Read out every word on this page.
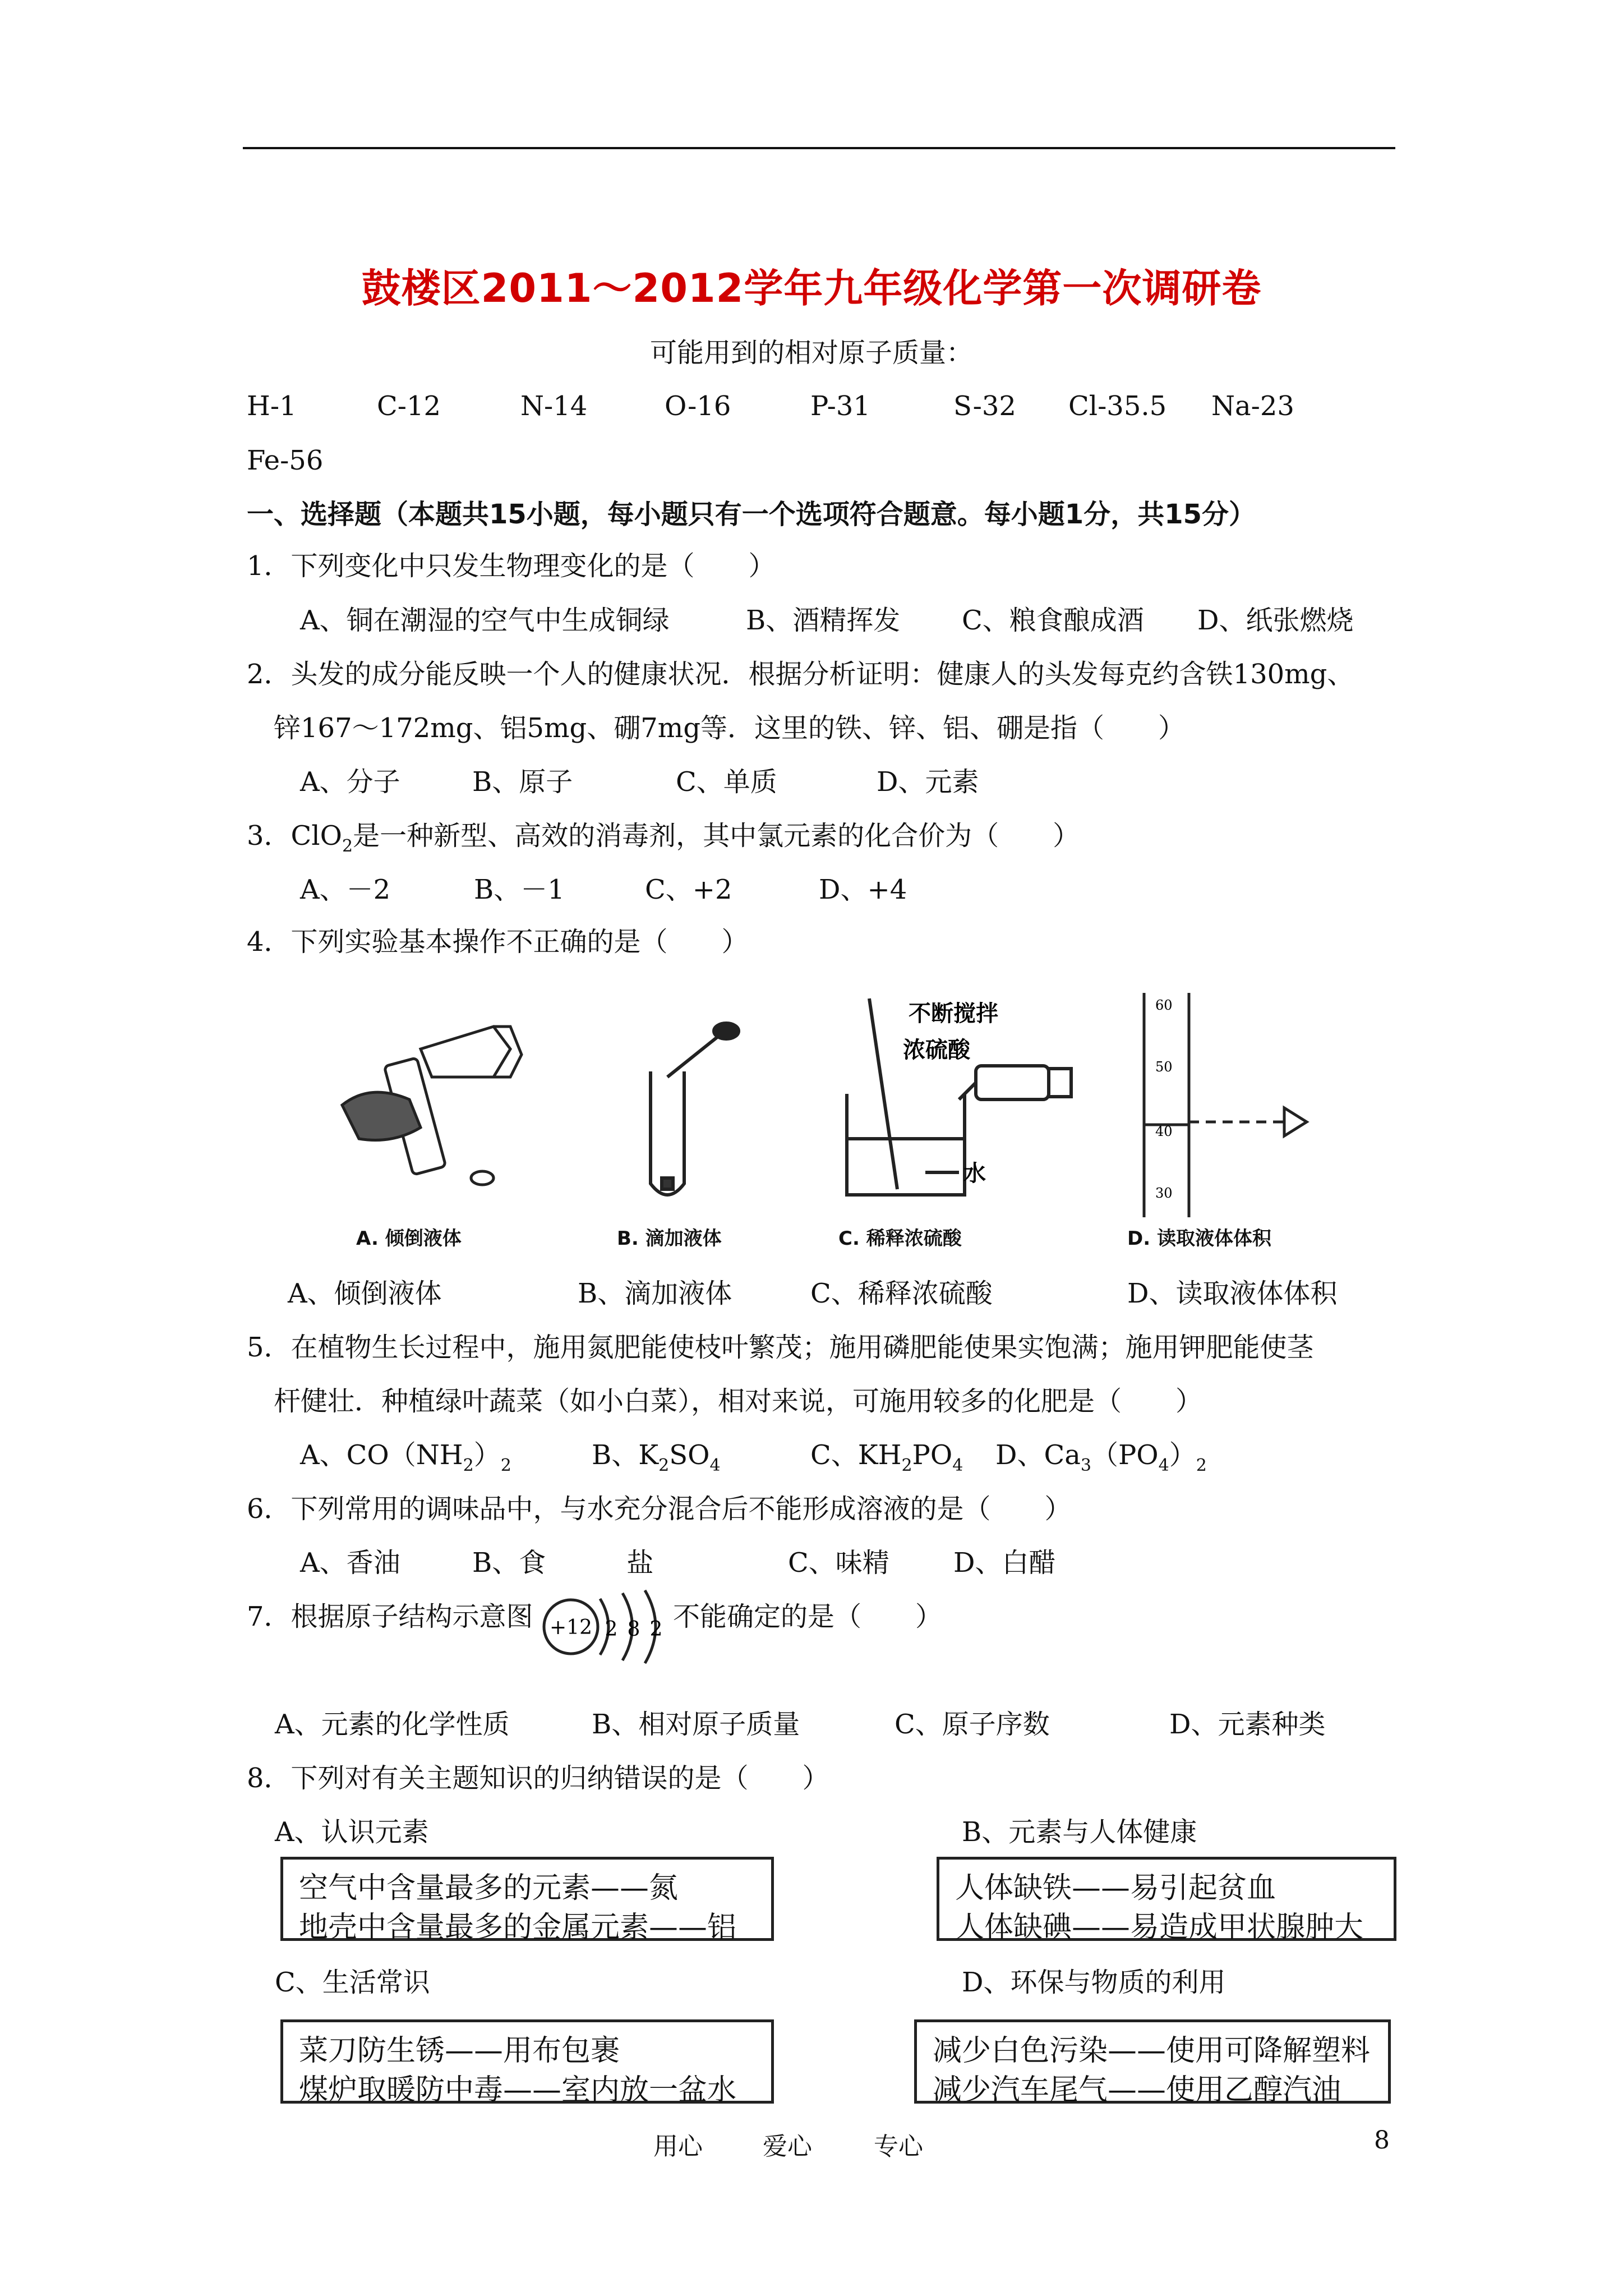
鼓楼区2011～2012学年九年级化学第一次调研卷
可能用到的相对原子质量：
H-1	C-12	N-14	O-16	P-31	S-32 Cl-35.5 Na-23
Fe-56
一、选择题（本题共15小题，每小题只有一个选项符合题意。每小题1分，共15分）
1．下列变化中只发生物理变化的是（　　）
A、铜在潮湿的空气中生成铜绿	B、酒精挥发 C、粮食酿成酒 D、纸张燃烧
2．头发的成分能反映一个人的健康状况．根据分析证明：健康人的头发每克约含铁130mg、
锌167～172mg、铝5mg、硼7mg等．这里的铁、锌、铝、硼是指（　　）
A、分子	B、原子	C、单质	D、元素
3．ClO$_2$是一种新型、高效的消毒剂，其中氯元素的化合价为（　　）
A、－2	B、－1	C、+2	D、+4
4．下列实验基本操作不正确的是（　　）
不断搅拌
浓硫酸
水
60
50
40
30
A. 倾倒液体	B. 滴加液体	C. 稀释浓硫酸	D. 读取液体体积
A、倾倒液体	B、滴加液体	C、稀释浓硫酸	D、读取液体体积
5．在植物生长过程中，施用氮肥能使枝叶繁茂；施用磷肥能使果实饱满；施用钾肥能使茎
杆健壮．种植绿叶蔬菜（如小白菜），相对来说，可施用较多的化肥是（　　）
A、$CO(NH_2)_2$	B、$K_2SO_4$	C、$KH_2PO_4$ D、$Ca_3(PO_4)_2$
6．下列常用的调味品中，与水充分混合后不能形成溶液的是（　　）
A、香油	B、食　　　盐	C、味精 D、白醋
7．根据原子结构示意图 +12 2 8 2 不能确定的是（　　）
A、元素的化学性质	B、相对原子质量	C、原子序数	D、元素种类
8．下列对有关主题知识的归纳错误的是（　　）
A、认识元素	B、元素与人体健康
空气中含量最多的元素——氮
地壳中含量最多的金属元素——铝
人体缺铁——易引起贫血
人体缺碘——易造成甲状腺肿大
C、生活常识	D、环保与物质的利用
菜刀防生锈——用布包裹
煤炉取暖防中毒——室内放一盆水
减少白色污染——使用可降解塑料
减少汽车尾气——使用乙醇汽油
用心 爱心	专心	8
